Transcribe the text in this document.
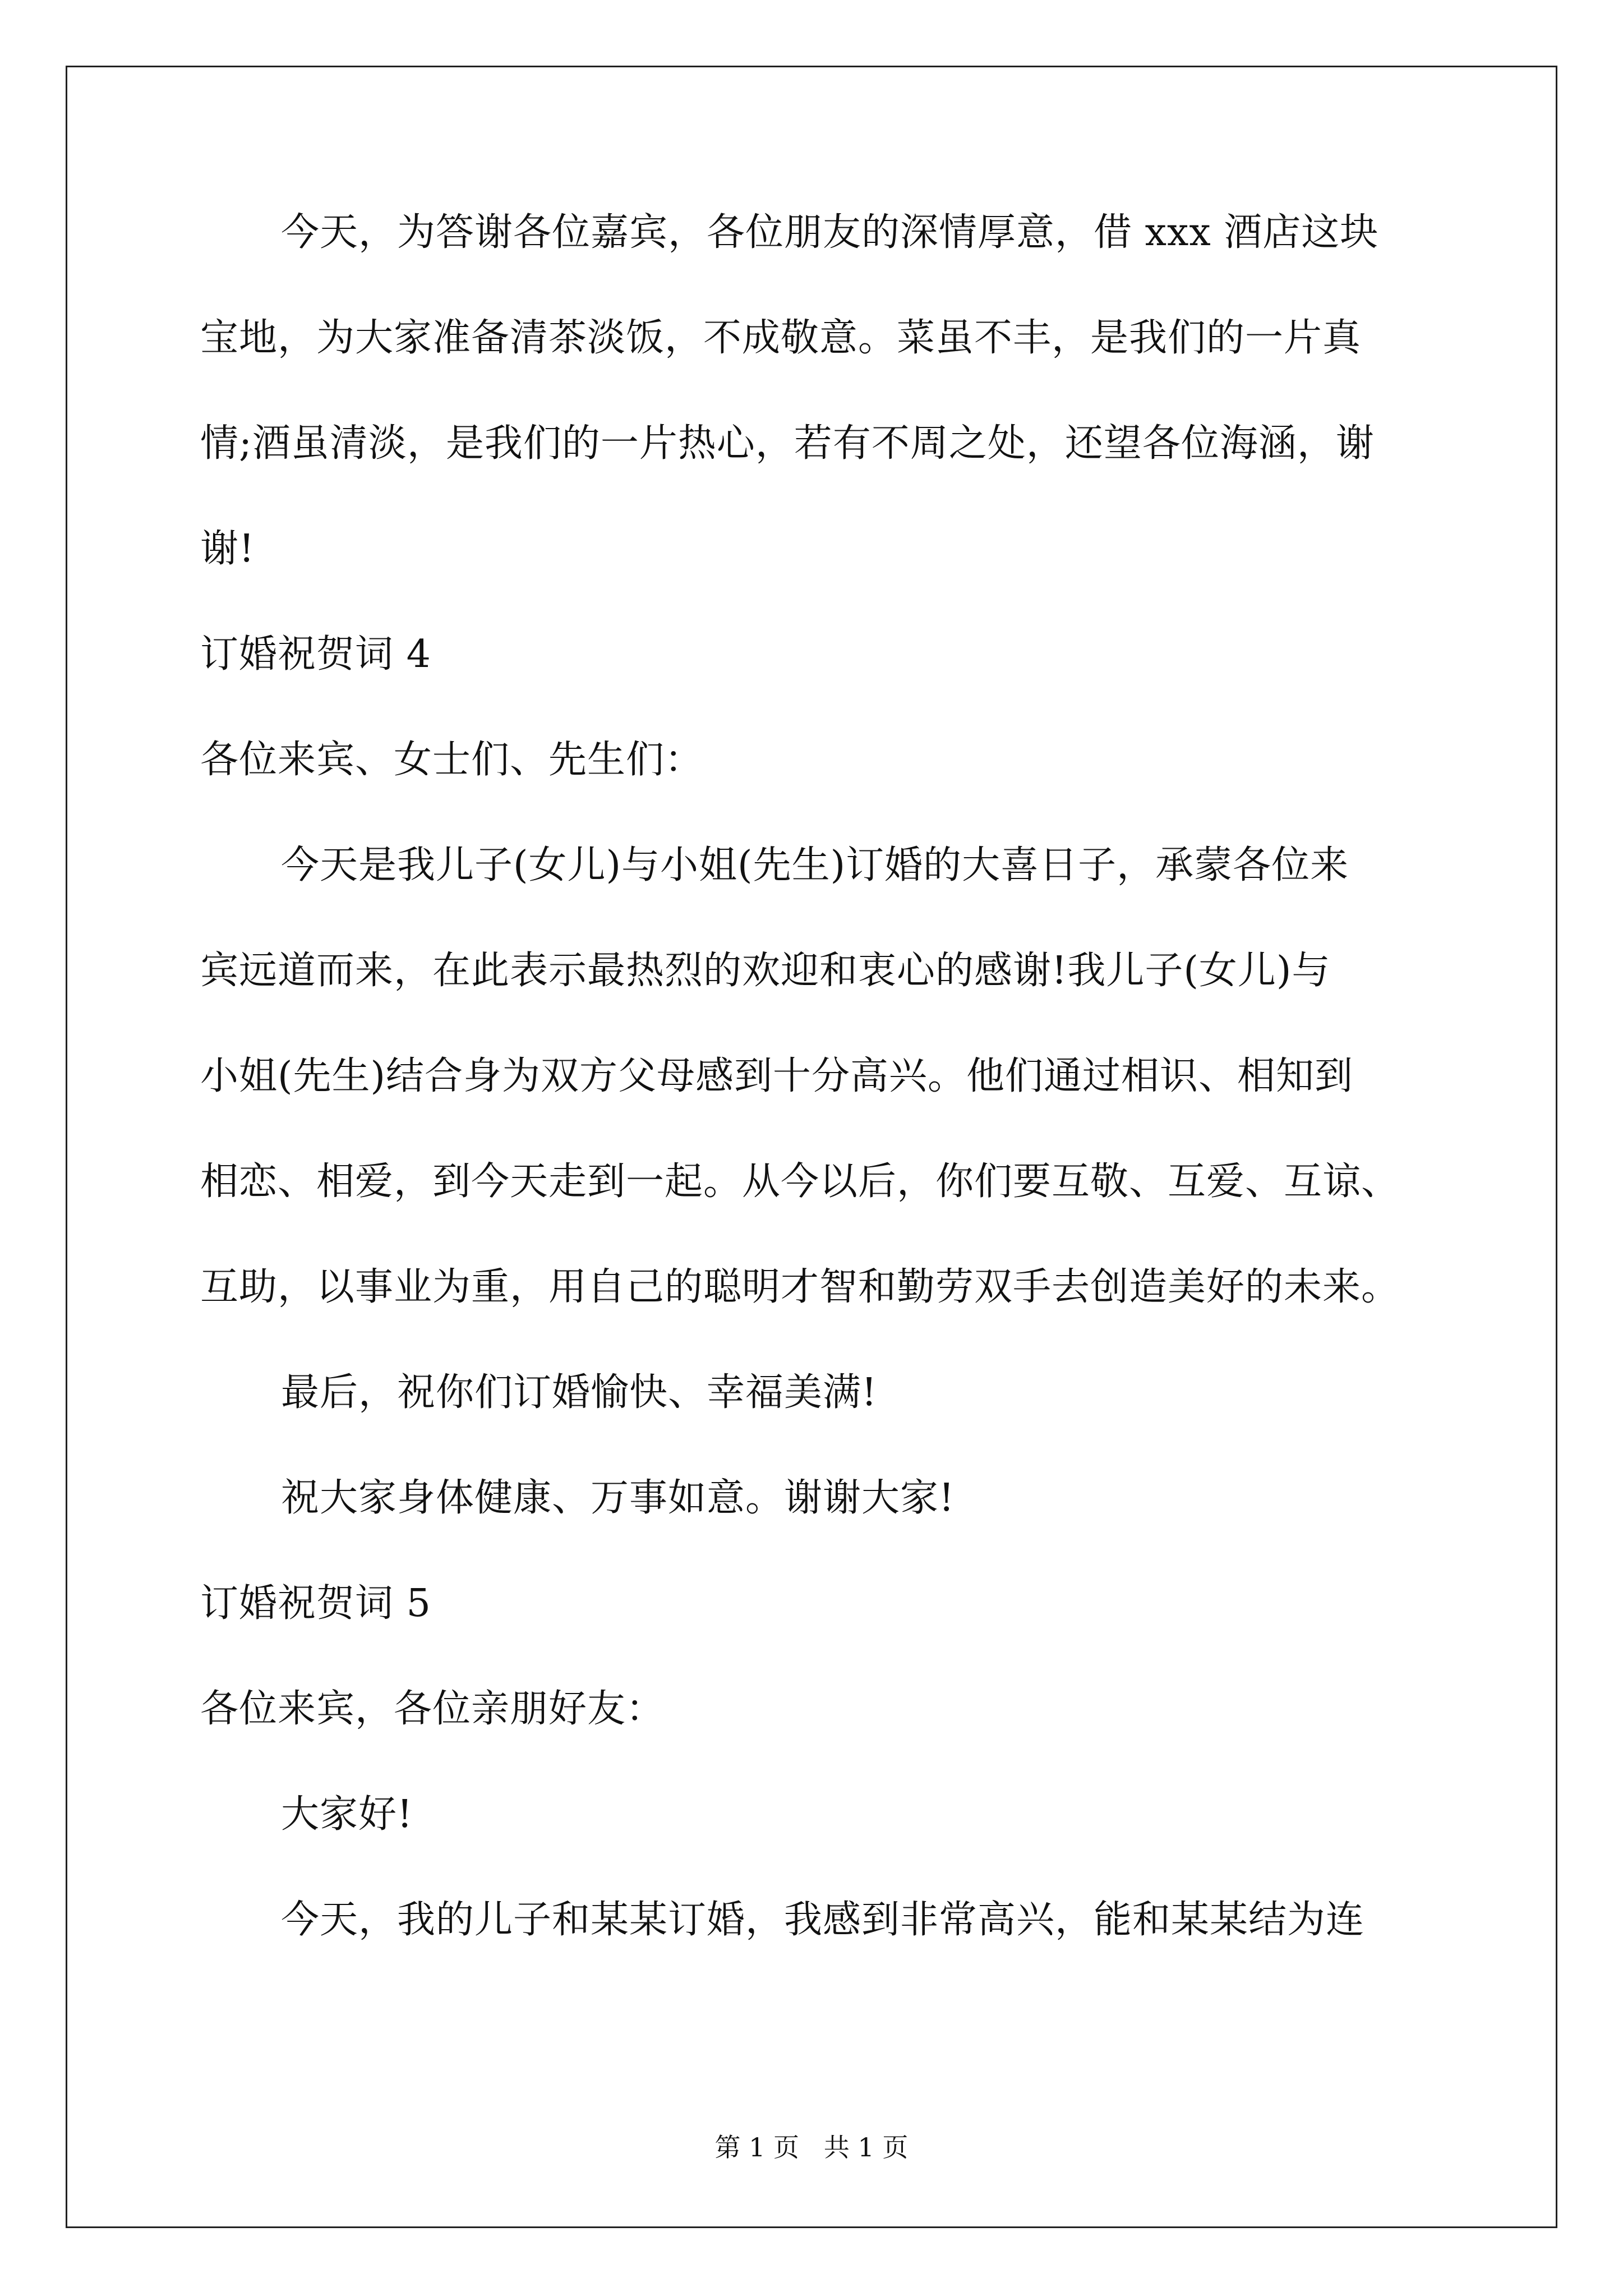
今天，为答谢各位嘉宾，各位朋友的深情厚意，借 xxx 酒店这块

宝地，为大家准备清茶淡饭，不成敬意。菜虽不丰，是我们的一片真

情;酒虽清淡，是我们的一片热心，若有不周之处，还望各位海涵，谢

谢!

订婚祝贺词 4

各位来宾、女士们、先生们：

今天是我儿子(女儿)与小姐(先生)订婚的大喜日子，承蒙各位来

宾远道而来，在此表示最热烈的欢迎和衷心的感谢!我儿子(女儿)与

小姐(先生)结合身为双方父母感到十分高兴。他们通过相识、相知到

相恋、相爱，到今天走到一起。从今以后，你们要互敬、互爱、互谅、

互助，以事业为重，用自己的聪明才智和勤劳双手去创造美好的未来。

最后，祝你们订婚愉快、幸福美满!

祝大家身体健康、万事如意。谢谢大家!

订婚祝贺词 5

各位来宾，各位亲朋好友：

大家好!

今天，我的儿子和某某订婚，我感到非常高兴，能和某某结为连

第 1 页   共 1 页
